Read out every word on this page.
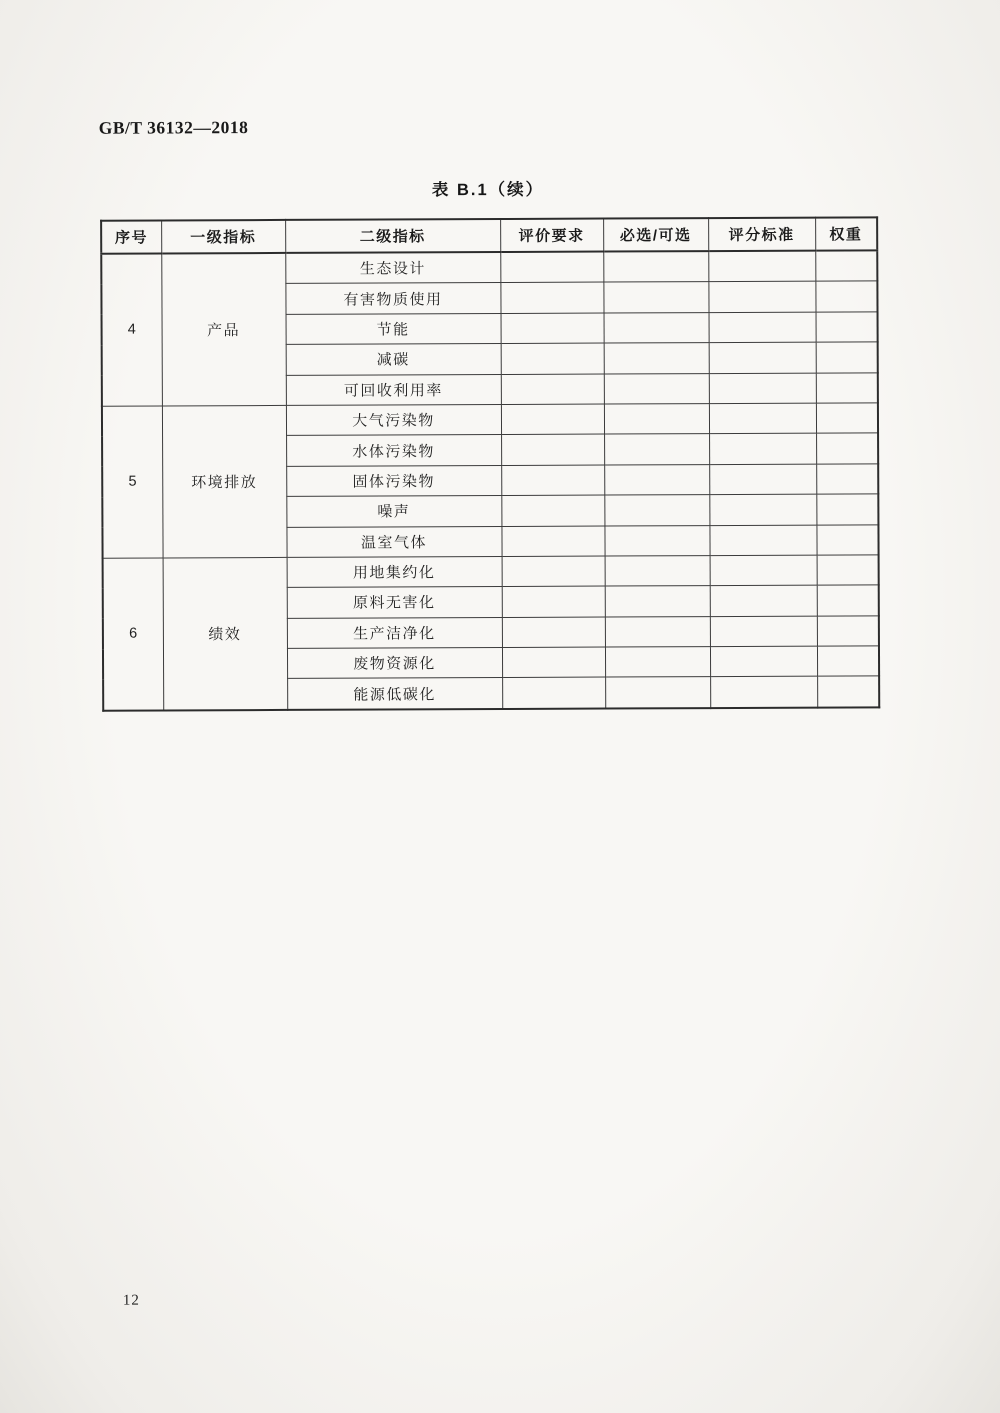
GB/T 36132—2018
表 B.1（续）
序号	一级指标	二级指标	评价要求	必选/可选	评分标准	权重
4	产品	生态设计				
		有害物质使用				
		节能				
		减碳				
		可回收利用率				
5	环境排放	大气污染物				
		水体污染物				
		固体污染物				
		噪声				
		温室气体				
6	绩效	用地集约化				
		原料无害化				
		生产洁净化				
		废物资源化				
		能源低碳化				
12
